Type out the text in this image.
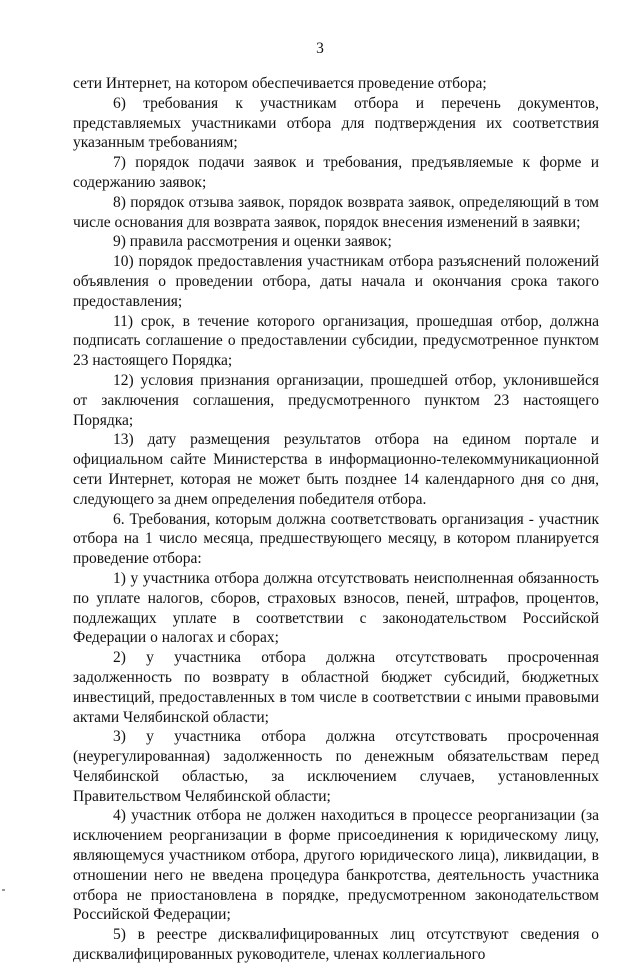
3

сети Интернет, на котором обеспечивается проведение отбора;

6) требования к участникам отбора и перечень документов, представляемых участниками отбора для подтверждения их соответствия указанным требованиям;

7) порядок подачи заявок и требования, предъявляемые к форме и содержанию заявок;

8) порядок отзыва заявок, порядок возврата заявок, определяющий в том числе основания для возврата заявок, порядок внесения изменений в заявки;

9) правила рассмотрения и оценки заявок;

10) порядок предоставления участникам отбора разъяснений положений объявления о проведении отбора, даты начала и окончания срока такого предоставления;

11) срок, в течение которого организация, прошедшая отбор, должна подписать соглашение о предоставлении субсидии, предусмотренное пунктом 23 настоящего Порядка;

12) условия признания организации, прошедшей отбор, уклонившейся от заключения соглашения, предусмотренного пунктом 23 настоящего Порядка;

13) дату размещения результатов отбора на едином портале и официальном сайте Министерства в информационно-телекоммуникационной сети Интернет, которая не может быть позднее 14 календарного дня со дня, следующего за днем определения победителя отбора.

6. Требования, которым должна соответствовать организация - участник отбора на 1 число месяца, предшествующего месяцу, в котором планируется проведение отбора:

1) у участника отбора должна отсутствовать неисполненная обязанность по уплате налогов, сборов, страховых взносов, пеней, штрафов, процентов, подлежащих уплате в соответствии с законодательством Российской Федерации о налогах и сборах;

2) у участника отбора должна отсутствовать просроченная задолженность по возврату в областной бюджет субсидий, бюджетных инвестиций, предоставленных в том числе в соответствии с иными правовыми актами Челябинской области;

3) у участника отбора должна отсутствовать просроченная (неурегулированная) задолженность по денежным обязательствам перед Челябинской областью, за исключением случаев, установленных Правительством Челябинской области;

4) участник отбора не должен находиться в процессе реорганизации (за исключением реорганизации в форме присоединения к юридическому лицу, являющемуся участником отбора, другого юридического лица), ликвидации, в отношении него не введена процедура банкротства, деятельность участника отбора не приостановлена в порядке, предусмотренном законодательством Российской Федерации;

5) в реестре дисквалифицированных лиц отсутствуют сведения о дисквалифицированных руководителе, членах коллегиального
